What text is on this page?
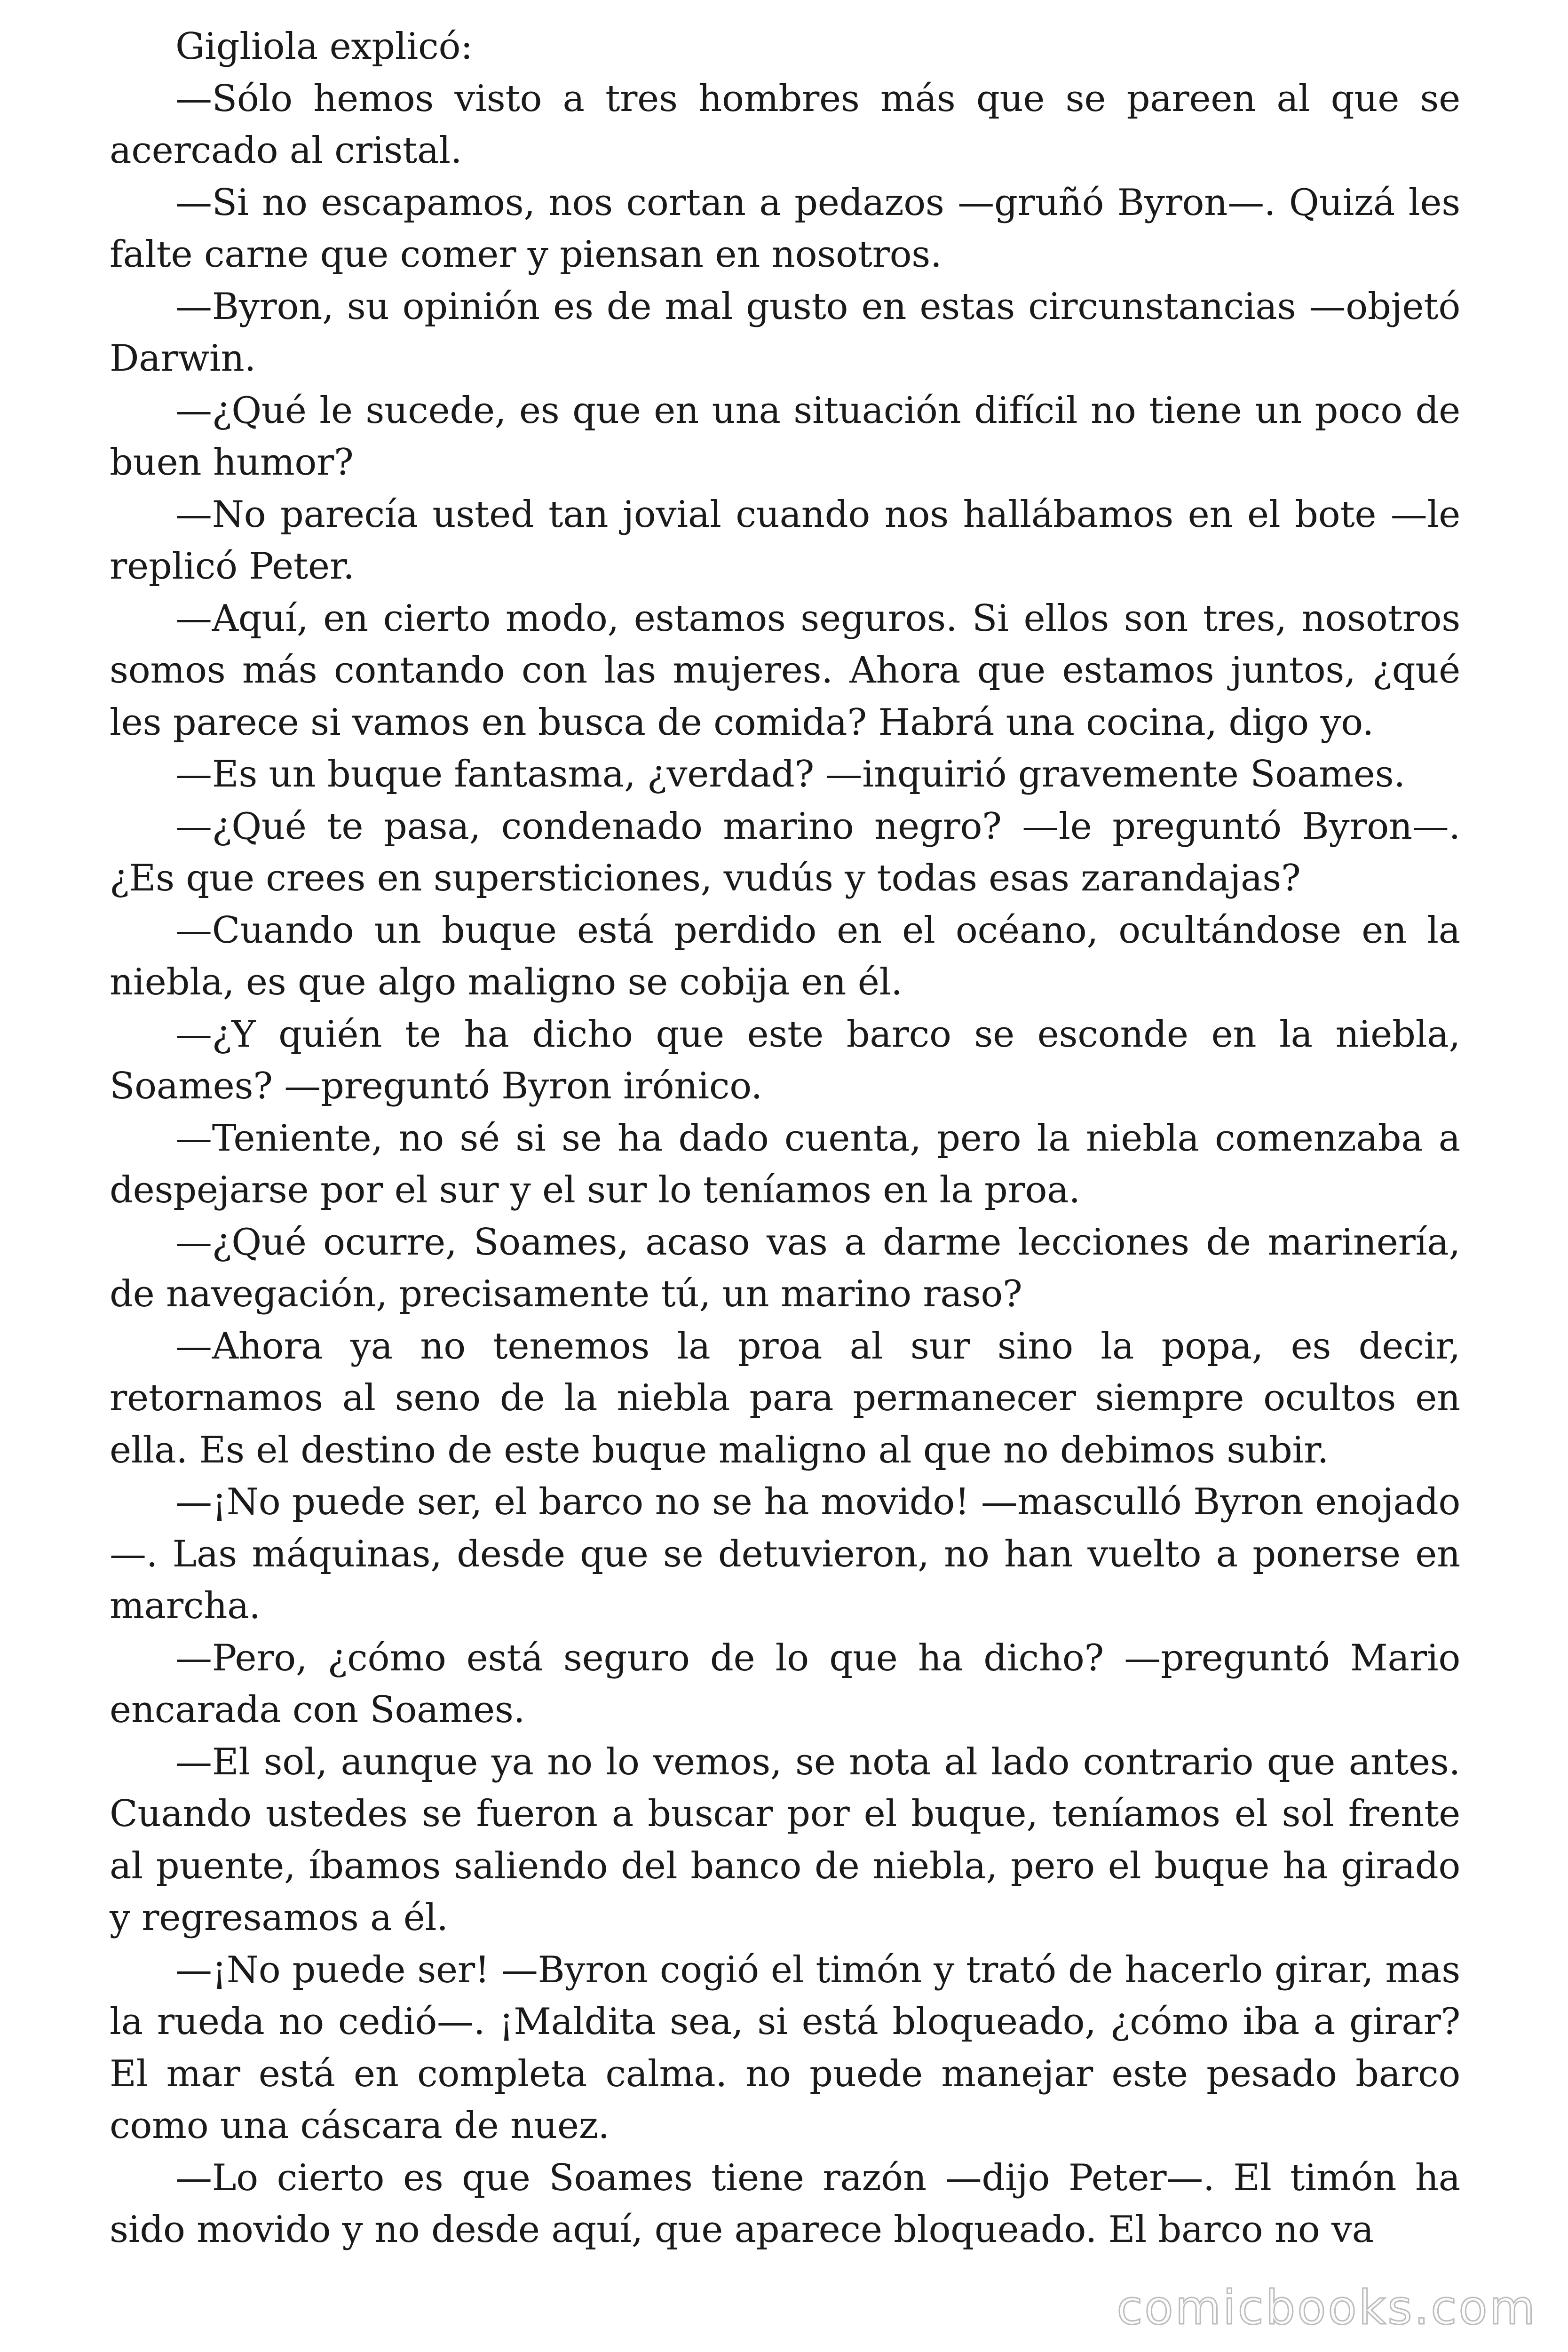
Gigliola explicó:

—Sólo hemos visto a tres hombres más que se pareen al que se acercado al cristal.

—Si no escapamos, nos cortan a pedazos —gruñó Byron—. Quizá les falte carne que comer y piensan en nosotros.

—Byron, su opinión es de mal gusto en estas circunstancias —objetó Darwin.

—¿Qué le sucede, es que en una situación difícil no tiene un poco de buen humor?

—No parecía usted tan jovial cuando nos hallábamos en el bote —le replicó Peter.

—Aquí, en cierto modo, estamos seguros. Si ellos son tres, nosotros somos más contando con las mujeres. Ahora que estamos juntos, ¿qué les parece si vamos en busca de comida? Habrá una cocina, digo yo.

—Es un buque fantasma, ¿verdad? —inquirió gravemente Soames.

—¿Qué te pasa, condenado marino negro? —le preguntó Byron—. ¿Es que crees en supersticiones, vudús y todas esas zarandajas?

—Cuando un buque está perdido en el océano, ocultándose en la niebla, es que algo maligno se cobija en él.

—¿Y quién te ha dicho que este barco se esconde en la niebla, Soames? —preguntó Byron irónico.

—Teniente, no sé si se ha dado cuenta, pero la niebla comenzaba a despejarse por el sur y el sur lo teníamos en la proa.

—¿Qué ocurre, Soames, acaso vas a darme lecciones de marinería, de navegación, precisamente tú, un marino raso?

—Ahora ya no tenemos la proa al sur sino la popa, es decir, retornamos al seno de la niebla para permanecer siempre ocultos en ella. Es el destino de este buque maligno al que no debimos subir.

—¡No puede ser, el barco no se ha movido! —masculló Byron enojado—. Las máquinas, desde que se detuvieron, no han vuelto a ponerse en marcha.

—Pero, ¿cómo está seguro de lo que ha dicho? —preguntó Mario encarada con Soames.

—El sol, aunque ya no lo vemos, se nota al lado contrario que antes. Cuando ustedes se fueron a buscar por el buque, teníamos el sol frente al puente, íbamos saliendo del banco de niebla, pero el buque ha girado y regresamos a él.

—¡No puede ser! —Byron cogió el timón y trató de hacerlo girar, mas la rueda no cedió—. ¡Maldita sea, si está bloqueado, ¿cómo iba a girar? El mar está en completa calma. no puede manejar este pesado barco como una cáscara de nuez.

—Lo cierto es que Soames tiene razón —dijo Peter—. El timón ha sido movido y no desde aquí, que aparece bloqueado. El barco no va

comicbooks.com
